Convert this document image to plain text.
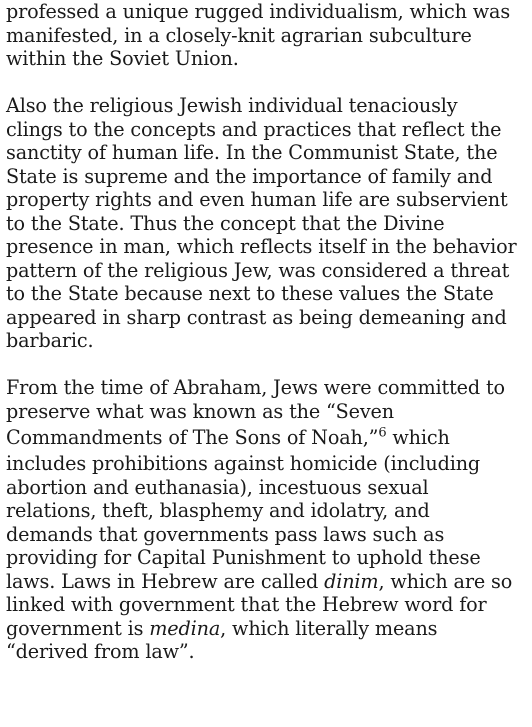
professed a unique rugged individualism, which was
manifested, in a closely-knit agrarian subculture
within the Soviet Union.

Also the religious Jewish individual tenaciously
clings to the concepts and practices that reflect the
sanctity of human life. In the Communist State, the
State is supreme and the importance of family and
property rights and even human life are subservient
to the State. Thus the concept that the Divine
presence in man, which reflects itself in the behavior
pattern of the religious Jew, was considered a threat
to the State because next to these values the State
appeared in sharp contrast as being demeaning and
barbaric.

From the time of Abraham, Jews were committed to
preserve what was known as the “Seven
Commandments of The Sons of Noah,”$^6$ which
includes prohibitions against homicide (including
abortion and euthanasia), incestuous sexual
relations, theft, blasphemy and idolatry, and
demands that governments pass laws such as
providing for Capital Punishment to uphold these
laws. Laws in Hebrew are called dinim, which are so
linked with government that the Hebrew word for
government is medina, which literally means
“derived from law”.
